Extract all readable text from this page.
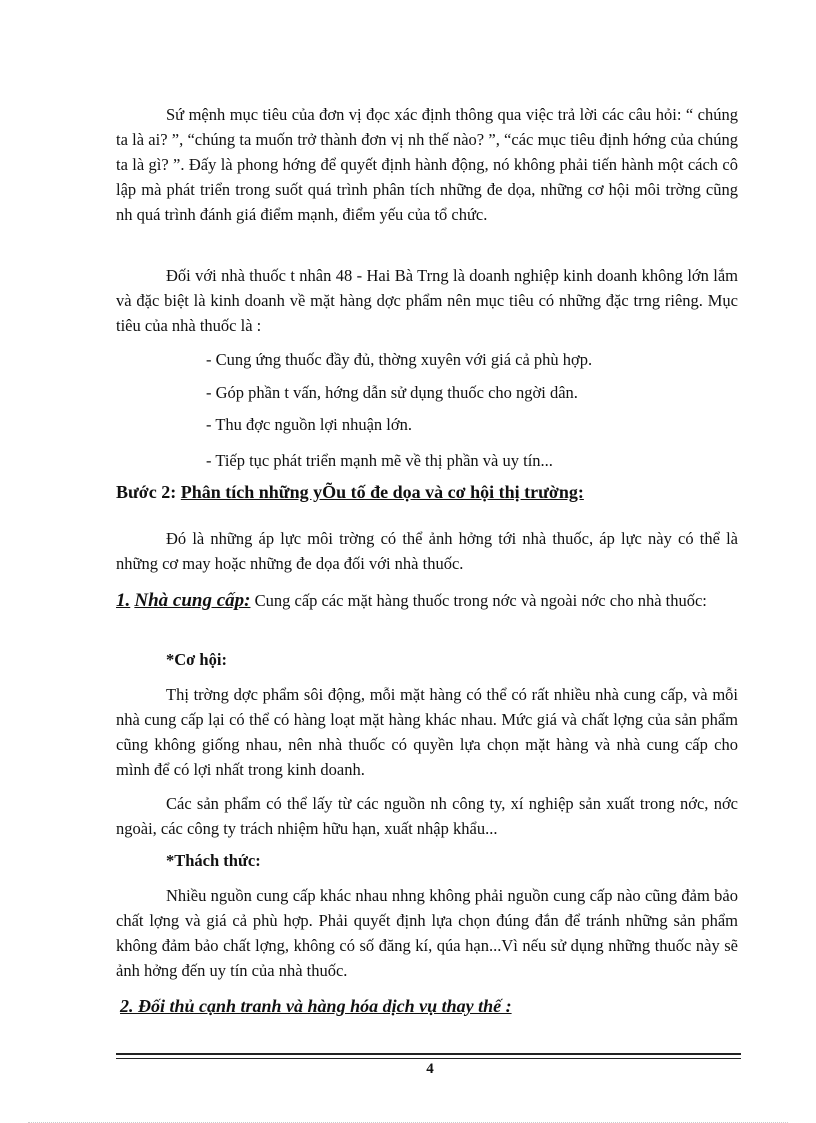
Sứ mệnh mục tiêu của đơn vị đọc xác định thông qua việc trả lời các câu hỏi: “ chúng ta là ai? ”, “chúng ta muốn trở thành đơn vị nh thế nào? ”, “các mục tiêu định hớng của chúng ta là gì? ”. Đấy là phong hớng để quyết định hành động, nó không phải tiến hành một cách cô lập mà phát triển trong suốt quá trình phân tích những đe dọa, những cơ hội môi trờng cũng nh quá trình đánh giá điểm mạnh, điểm yếu của tổ chức.

Đối với nhà thuốc t nhân 48 - Hai Bà Trng là doanh nghiệp kinh doanh không lớn lắm và đặc biệt là kinh doanh về mặt hàng dợc phẩm nên mục tiêu có những đặc trng riêng. Mục tiêu của nhà thuốc là :

- Cung ứng thuốc đầy đủ, thờng xuyên với giá cả phù hợp.

- Góp phần t vấn, hớng dẫn sử dụng thuốc cho ngời dân.

- Thu đợc nguồn lợi nhuận lớn.

- Tiếp tục phát triển mạnh mẽ về thị phần và uy tín...

Bước 2: Phân tích những yÕu tố đe dọa và cơ hội thị trường:

Đó là những áp lực môi trờng có thể ảnh hởng tới nhà thuốc, áp lực này có thể là những cơ may hoặc những đe dọa đối với nhà thuốc.

1. Nhà cung cấp: Cung cấp các mặt hàng thuốc trong nớc và ngoài nớc cho nhà thuốc:

*Cơ hội:

Thị trờng dợc phẩm sôi động, mỗi mặt hàng có thể có rất nhiều nhà cung cấp, và mỗi nhà cung cấp lại có thể có hàng loạt mặt hàng khác nhau. Mức giá và chất lợng của sản phẩm cũng không giống nhau, nên nhà thuốc có quyền lựa chọn mặt hàng và nhà cung cấp cho mình để có lợi nhất trong kinh doanh.

Các sản phẩm có thể lấy từ các nguồn nh công ty, xí nghiệp sản xuất trong nớc, nớc ngoài, các công ty trách nhiệm hữu hạn, xuất nhập khẩu...

*Thách thức:

Nhiều nguồn cung cấp khác nhau nhng không phải nguồn cung cấp nào cũng đảm bảo chất lợng và giá cả phù hợp. Phải quyết định lựa chọn đúng đắn để tránh những sản phẩm không đảm bảo chất lợng, không có số đăng kí, qúa hạn...Vì nếu sử dụng những thuốc này sẽ ảnh hởng đến uy tín của nhà thuốc.

2. Đối thủ cạnh tranh và hàng hóa dịch vụ thay thế :

4
